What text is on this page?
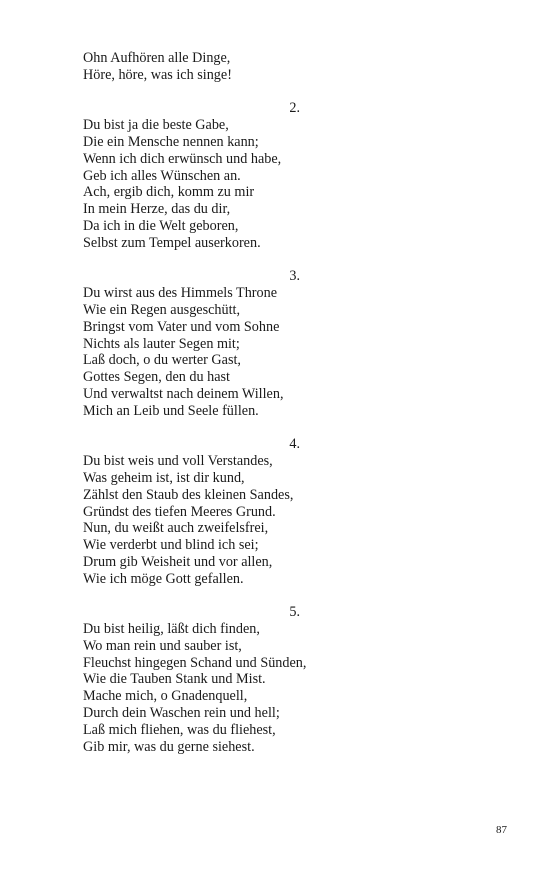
Ohn Aufhören alle Dinge,
Höre, höre, was ich singe!
2.
Du bist ja die beste Gabe,
Die ein Mensche nennen kann;
Wenn ich dich erwünsch und habe,
Geb ich alles Wünschen an.
Ach, ergib dich, komm zu mir
In mein Herze, das du dir,
Da ich in die Welt geboren,
Selbst zum Tempel auserkoren.
3.
Du wirst aus des Himmels Throne
Wie ein Regen ausgeschütt,
Bringst vom Vater und vom Sohne
Nichts als lauter Segen mit;
Laß doch, o du werter Gast,
Gottes Segen, den du hast
Und verwaltst nach deinem Willen,
Mich an Leib und Seele füllen.
4.
Du bist weis und voll Verstandes,
Was geheim ist, ist dir kund,
Zählst den Staub des kleinen Sandes,
Gründst des tiefen Meeres Grund.
Nun, du weißt auch zweifelsfrei,
Wie verderbt und blind ich sei;
Drum gib Weisheit und vor allen,
Wie ich möge Gott gefallen.
5.
Du bist heilig, läßt dich finden,
Wo man rein und sauber ist,
Fleuchst hingegen Schand und Sünden,
Wie die Tauben Stank und Mist.
Mache mich, o Gnadenquell,
Durch dein Waschen rein und hell;
Laß mich fliehen, was du fliehest,
Gib mir, was du gerne siehest.
87
